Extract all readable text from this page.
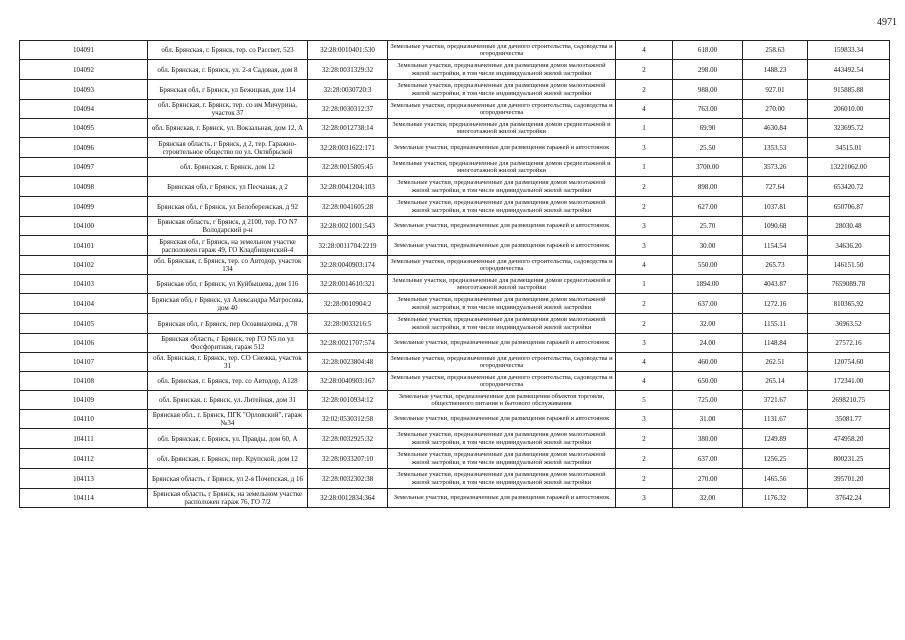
4971
104091	обл. Брянская, г. Брянск, тер. со Рассвет, 523	32:28:0010401:530	Земельные участки, предназначенные для дачного строительства, садоводства и огородничества	4	618.00	258.63	159833.34
104092	обл. Брянская, г. Брянск, ул. 2-я Садовая, дом 8	32:28:0031329:32	Земельные участки, предназначенные для размещения домов малоэтажной жилой застройки, в том числе индивидуальной жилой застройки	2	298.00	1488.23	443492.54
104093	Брянская обл, г Брянск, ул Бежицкая, дом 114	32:28:0030720:3	Земельные участки, предназначенные для размещения домов малоэтажной жилой застройки, в том числе индивидуальной жилой застройки	2	988.00	927.01	915885.88
104094	обл. Брянская, г. Брянск, тер. со им Мичурина, участок 37	32:28:0030312:37	Земельные участки, предназначенные для дачного строительства, садоводства и огородничества	4	763.00	270.00	206010.00
104095	обл. Брянская, г. Брянск, ул. Вокзальная, дом 12, А	32:28:0012738:14	Земельные участки, предназначенные для размещения домов среднеэтажной и многоэтажной жилой застройки	1	69.90	4630.84	323695.72
104096	Брянская область, г Брянск, д 2, тер. Гаражно-строительное общество по ул. Октябрьской	32:28:0031622:171	Земельные участки, предназначенные для размещения гаражей и автостоянок	3	25.50	1353.53	34515.01
104097	обл. Брянская, г. Брянск, дом 12	32:28:0015805:45	Земельные участки, предназначенные для размещения домов среднеэтажной и многоэтажной жилой застройки	1	3700.00	3573.26	13221062.00
104098	Брянская обл, г Брянск, ул Песчаная, д 2	32:28:0041204:103	Земельные участки, предназначенные для размещения домов малоэтажной жилой застройки, в том числе индивидуальной жилой застройки	2	898.00	727.64	653420.72
104099	Брянская обл, г Брянск, ул Белобережская, д 92	32:28:0041605:28	Земельные участки, предназначенные для размещения домов малоэтажной жилой застройки, в том числе индивидуальной жилой застройки	2	627.00	1037.81	650706.87
104100	Брянская область, г Брянск, д 2100, тер. ГО N7 Володарский р-н	32:28:0021001:543	Земельные участки, предназначенные для размещения гаражей и автостоянок	3	25.70	1090.68	28030.48
104101	Брянская обл, г Брянск, на земельном участке расположен гараж 49, ГО Кладбищенский-4	32:28:0011704:2219	Земельные участки, предназначенные для размещения гаражей и автостоянок	3	30.00	1154.54	34636.20
104102	обл. Брянская, г. Брянск, тер. со Автодор, участок 134	32:28:0040903:174	Земельные участки, предназначенные для дачного строительства, садоводства и огородничества	4	550.00	265.73	146151.50
104103	Брянская обл, г Брянск, ул Куйбышева, дом 116	32:28:0014610:321	Земельные участки, предназначенные для размещения домов среднеэтажной и многоэтажной жилой застройки	1	1894.00	4043.87	7659089.78
104104	Брянская обл, г Брянск, ул Александра Матросова, дом 40	32:28:0010904:2	Земельные участки, предназначенные для размещения домов малоэтажной жилой застройки, в том числе индивидуальной жилой застройки	2	637.00	1272.16	810365.92
104105	Брянская обл, г Брянск, пер Осоавиахима, д 78	32:28:0033216:5	Земельные участки, предназначенные для размещения домов малоэтажной жилой застройки, в том числе индивидуальной жилой застройки	2	32.00	1155.11	36963.52
104106	Брянская область, г Брянск, тер ГО N5 по ул Фосфоритная, гараж 512	32:28:0021707:574	Земельные участки, предназначенные для размещения гаражей и автостоянок	3	24.00	1148.84	27572.16
104107	обл. Брянская, г. Брянск, тер. СО Снежка, участок 31	32:28:0023804:48	Земельные участки, предназначенные для дачного строительства, садоводства и огородничества	4	460.00	262.51	120754.60
104108	обл. Брянская, г. Брянск, тер. со Автодор, А128	32:28:0040903:167	Земельные участки, предназначенные для дачного строительства, садоводства и огородничества	4	650.00	265.14	172341.00
104109	обл. Брянская, г. Брянск, ул. Литейная, дом 31	32:28:0010934:12	Земельные участки, предназначенные для размещения объектов торговли, общественного питания и бытового обслуживания	5	725.00	3721.67	2698210.75
104110	Брянская обл., г. Брянск, ПГК "Орловский", гараж №34	32:02:0530312:58	Земельные участки, предназначенные для размещения гаражей и автостоянок	3	31.00	1131.67	35081.77
104111	обл. Брянская, г. Брянск, ул. Правды, дом 60, А	32:28:0032925:32	Земельные участки, предназначенные для размещения домов малоэтажной жилой застройки, в том числе индивидуальной жилой застройки	2	380.00	1249.89	474958.20
104112	обл. Брянская, г. Брянск, пер. Крупской, дом 12	32:28:0033207:10	Земельные участки, предназначенные для размещения домов малоэтажной жилой застройки, в том числе индивидуальной жилой застройки	2	637.00	1256.25	800231.25
104113	Брянская область, г Брянск, ул 2-я Почепская, д 16	32:28:0032302:38	Земельные участки, предназначенные для размещения домов малоэтажной жилой застройки, в том числе индивидуальной жилой застройки	2	270.00	1465.56	395701.20
104114	Брянская область, г Брянск, на земельном участке расположен гараж 76, ГО 7/2	32:28:0012834:364	Земельные участки, предназначенные для размещения гаражей и автостоянок	3	32.00	1176.32	37642.24
